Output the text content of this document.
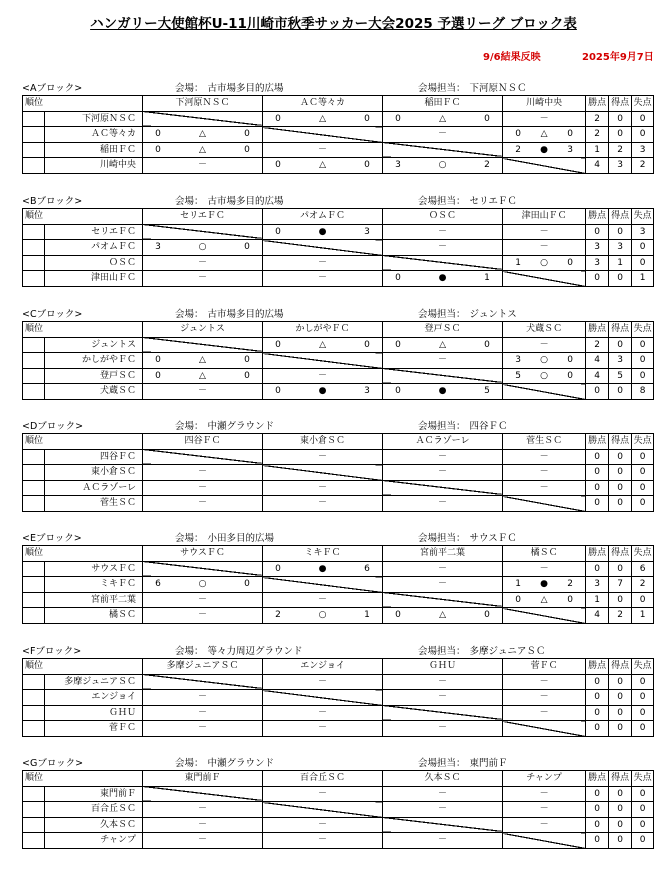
ハンガリー大使館杯U-11川崎市秋季サッカー大会2025 予選リーグ ブロック表
9/6結果反映	2025年9月7日
<Aブロック>	会場： 古市場多目的広場	会場担当： 下河原ＮＳＣ
順位		下河原ＮＳＣ	ＡＣ等々カ	稲田ＦＣ	川崎中央	勝点	得点	失点	
	下河原ＮＳＣ		0 △ 0	0 △ 0	－	2	0	0	
	ＡＣ等々カ	0 △ 0		－	0 △ 0	2	0	0	
	稲田ＦＣ	0 △ 0	－		2 ● 3	1	2	3	
	川崎中央	－	0 △ 0	3 ○ 2		4	3	2	
<Bブロック>	会場： 古市場多目的広場	会場担当： セリエＦＣ
順位		セリエＦＣ	パオムＦＣ	ＯＳＣ	津田山ＦＣ	勝点	得点	失点	
	セリエＦＣ		0 ● 3	－	－	0	0	3	
	パオムＦＣ	3 ○ 0		－	－	3	3	0	
	ＯＳＣ	－	－		1 ○ 0	3	1	0	
	津田山ＦＣ	－	－	0 ● 1		0	0	1	
<Cブロック>	会場： 古市場多目的広場	会場担当： ジュントス
順位		ジュントス	かしがやＦＣ	登戸ＳＣ	犬蔵ＳＣ	勝点	得点	失点	
	ジュントス		0 △ 0	0 △ 0	－	2	0	0	
	かしがやＦＣ	0 △ 0		－	3 ○ 0	4	3	0	
	登戸ＳＣ	0 △ 0	－		5 ○ 0	4	5	0	
	犬蔵ＳＣ	－	0 ● 3	0 ● 5		0	0	8	
<Dブロック>	会場： 中瀬グラウンド	会場担当： 四谷ＦＣ
順位		四谷ＦＣ	東小倉ＳＣ	ＡＣラゾーレ	菅生ＳＣ	勝点	得点	失点	
	四谷ＦＣ		－	－	－	0	0	0	
	東小倉ＳＣ	－		－	－	0	0	0	
	ＡＣラゾーレ	－	－		－	0	0	0	
	菅生ＳＣ	－	－	－		0	0	0	
<Eブロック>	会場： 小田多目的広場	会場担当： サウスＦＣ
順位		サウスＦＣ	ミキＦＣ	宮前平二葉	橘ＳＣ	勝点	得点	失点	
	サウスＦＣ		0 ● 6	－	－	0	0	6	
	ミキＦＣ	6 ○ 0		－	1 ● 2	3	7	2	
	宮前平二葉	－	－		0 △ 0	1	0	0	
	橘ＳＣ	－	2 ○ 1	0 △ 0		4	2	1	
<Fブロック>	会場： 等々力周辺グラウンド	会場担当： 多摩ジュニアＳＣ
順位		多摩ジュニアＳＣ	エンジョイ	ＧＨＵ	菅ＦＣ	勝点	得点	失点	
	多摩ジュニアＳＣ		－	－	－	0	0	0	
	エンジョイ	－		－	－	0	0	0	
	ＧＨＵ	－	－		－	0	0	0	
	菅ＦＣ	－	－	－		0	0	0	
<Gブロック>	会場： 中瀬グラウンド	会場担当： 東門前Ｆ
順位		東門前Ｆ	百合丘ＳＣ	久本ＳＣ	チャンプ	勝点	得点	失点	
	東門前Ｆ		－	－	－	0	0	0	
	百合丘ＳＣ	－		－	－	0	0	0	
	久本ＳＣ	－	－		－	0	0	0	
	チャンプ	－	－	－		0	0	0	
